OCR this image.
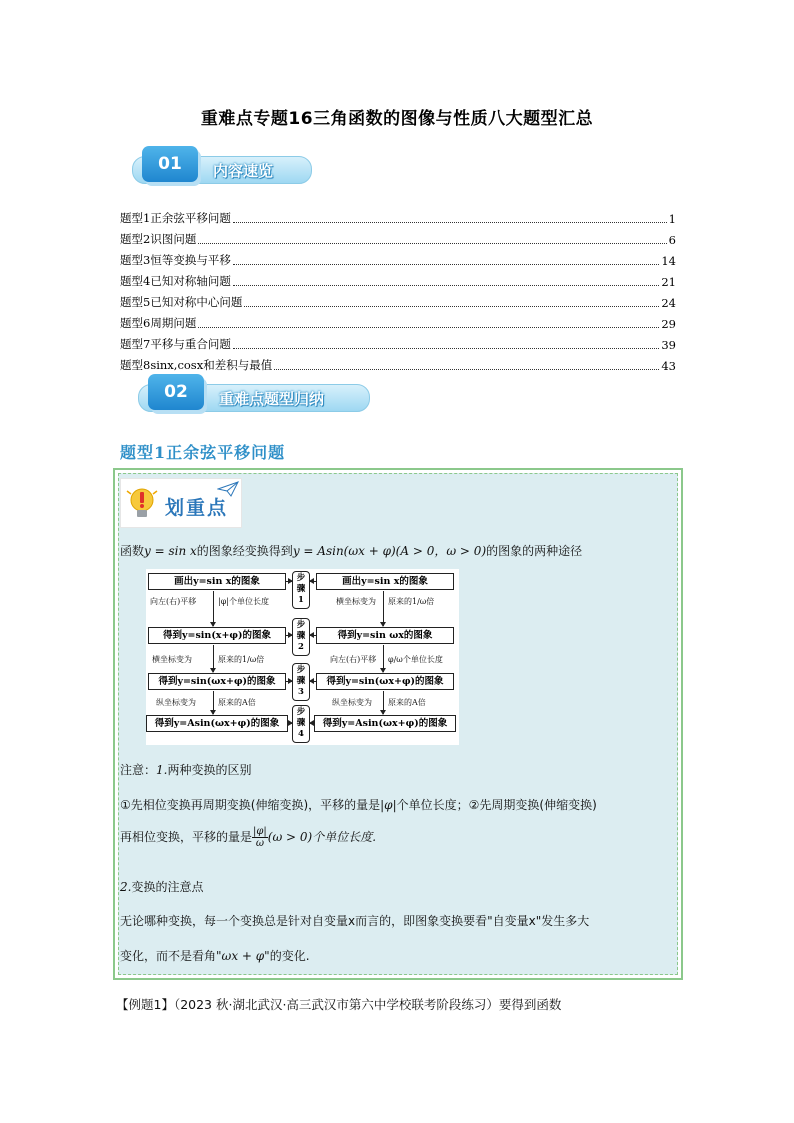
重难点专题16三角函数的图像与性质八大题型汇总
内容速览
01
题型1正余弦平移问题	1
题型2识图问题	6
题型3恒等变换与平移	14
题型4已知对称轴问题	21
题型5已知对称中心问题	24
题型6周期问题	29
题型7平移与重合问题	39
题型8sinx,cosx和差积与最值	43
重难点题型归纳
02
题型1正余弦平移问题
划重点
函数y = sin x的图象经变换得到y = Asin(ωx + φ)(A > 0，ω > 0)的图象的两种途径
画出y=sin x的图象
得到y=sin(x+φ)的图象
得到y=sin(ωx+φ)的图象
得到y=Asin(ωx+φ)的图象
画出y=sin x的图象
得到y=sin ωx的图象
得到y=sin(ωx+φ)的图象
得到y=Asin(ωx+φ)的图象
步骤1
步骤2
步骤3
步骤4
向左(右)平移	|φ|个单位长度
横坐标变为	原来的1/ω倍
纵坐标变为	原来的A倍
横坐标变为 原来的1/ω倍
向左(右)平移 φ/ω个单位长度
纵坐标变为 原来的A倍
注意：1.两种变换的区别
①先相位变换再周期变换(伸缩变换)，平移的量是|φ|个单位长度；②先周期变换(伸缩变换)
再相位变换，平移的量是 $\frac{|\varphi|}{\omega}(\omega > 0)$个单位长度.
2.变换的注意点
无论哪种变换，每一个变换总是针对自变量x而言的，即图象变换要看"自变量x"发生多大
变化，而不是看角"ωx + φ"的变化.
【例题1】（2023 秋·湖北武汉·高三武汉市第六中学校联考阶段练习）要得到函数
